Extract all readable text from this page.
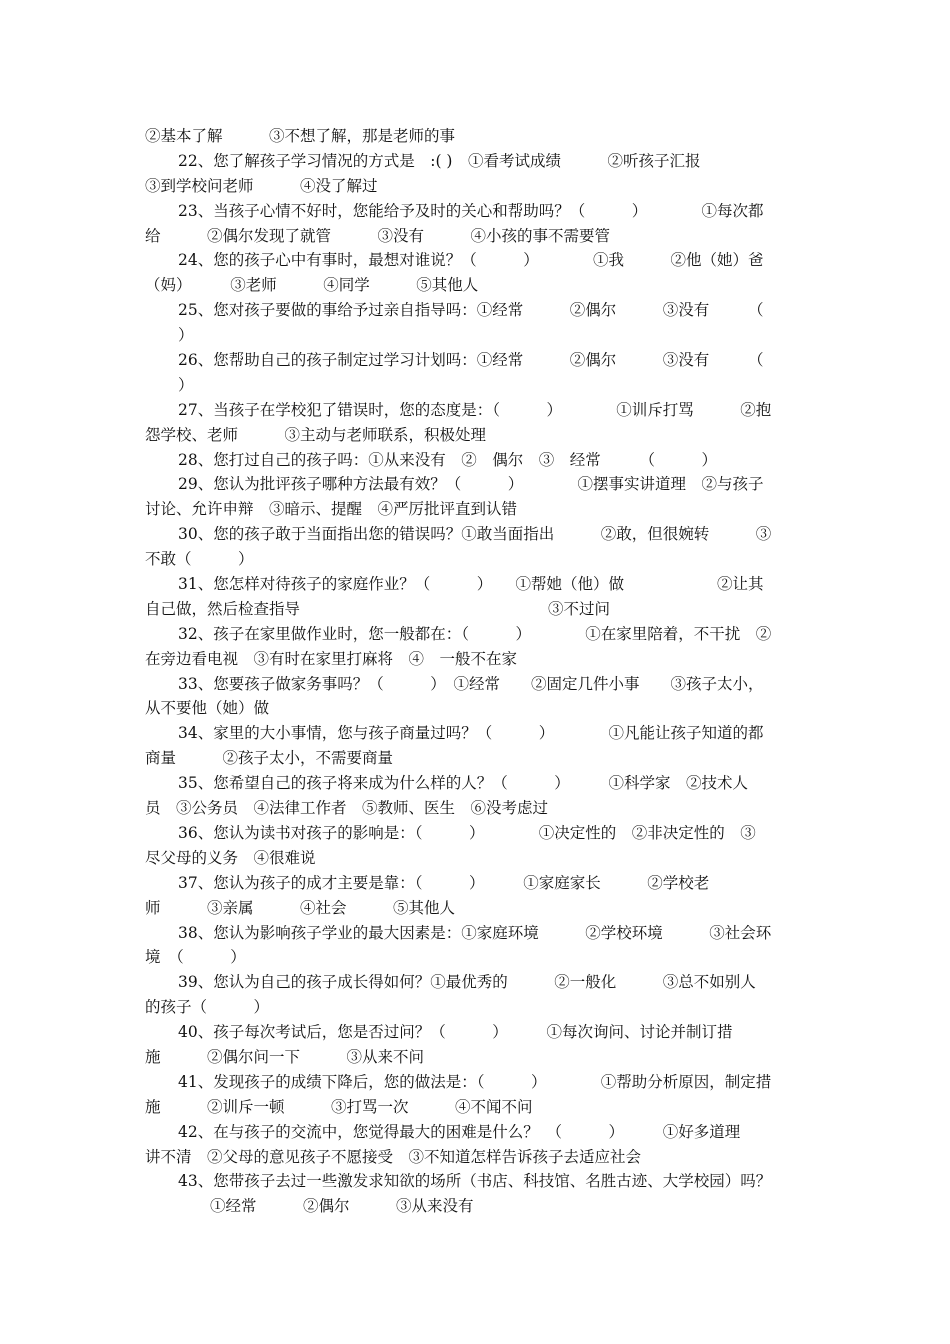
②基本了解　　　③不想了解，那是老师的事
22、您了解孩子学习情况的方式是　:( )　①看考试成绩　　　②听孩子汇报
③到学校问老师　　　④没了解过
23、当孩子心情不好时，您能给予及时的关心和帮助吗？（　　　）　　　　①每次都
给　　　②偶尔发现了就管　　　③没有　　　④小孩的事不需要管
24、您的孩子心中有事时，最想对谁说？（　　　）　　　　①我　　　②他（她）爸
（妈）　　　③老师　　　④同学　　　⑤其他人
25、您对孩子要做的事给予过亲自指导吗：①经常　　　②偶尔　　　③没有　　　（
）
26、您帮助自己的孩子制定过学习计划吗：①经常　　　②偶尔　　　③没有　　　（
）
27、当孩子在学校犯了错误时，您的态度是：（　　　）　　　　①训斥打骂　　　②抱
怨学校、老师　　　③主动与老师联系，积极处理
28、您打过自己的孩子吗：①从来没有　②　偶尔　③　经常　　　（　　　）
29、您认为批评孩子哪种方法最有效？（　　　）　　　　①摆事实讲道理　②与孩子
讨论、允许申辩　③暗示、提醒　④严厉批评直到认错
30、您的孩子敢于当面指出您的错误吗？①敢当面指出　　　②敢，但很婉转　　　③
不敢（　　　）
31、您怎样对待孩子的家庭作业？（　　　）　　①帮她（他）做　　　　　　②让其
自己做，然后检查指导　　　　　　　　　　　　　　　　③不过问
32、孩子在家里做作业时，您一般都在：（　　　）　　　　①在家里陪着，不干扰　②
在旁边看电视　③有时在家里打麻将　④　一般不在家
33、您要孩子做家务事吗？（　　　）　①经常　　②固定几件小事　　③孩子太小，
从不要他（她）做
34、家里的大小事情，您与孩子商量过吗？（　　　）　　　　①凡能让孩子知道的都
商量　　　②孩子太小，不需要商量
35、您希望自己的孩子将来成为什么样的人？（　　　）　　　①科学家　②技术人
员　③公务员　④法律工作者　⑤教师、医生　⑥没考虑过
36、您认为读书对孩子的影响是：（　　　）　　　　①决定性的　②非决定性的　③
尽父母的义务　④很难说
37、您认为孩子的成才主要是靠：（　　　）　　　①家庭家长　　　②学校老
师　　　③亲属　　　④社会　　　⑤其他人
38、您认为影响孩子学业的最大因素是：①家庭环境　　　②学校环境　　　③社会环
境　（　　　）
39、您认为自己的孩子成长得如何？①最优秀的　　　②一般化　　　③总不如别人
的孩子（　　　）
40、孩子每次考试后，您是否过问？（　　　）　　　①每次询问、讨论并制订措
施　　　②偶尔问一下　　　③从来不问
41、发现孩子的成绩下降后，您的做法是：（　　　）　　　　①帮助分析原因，制定措
施　　　②训斥一顿　　　③打骂一次　　　④不闻不问
42、在与孩子的交流中，您觉得最大的困难是什么？　（　　　）　　　①好多道理
讲不清　②父母的意见孩子不愿接受　③不知道怎样告诉孩子去适应社会
43、您带孩子去过一些激发求知欲的场所（书店、科技馆、名胜古迹、大学校园）吗？
①经常　　　②偶尔　　　③从来没有
